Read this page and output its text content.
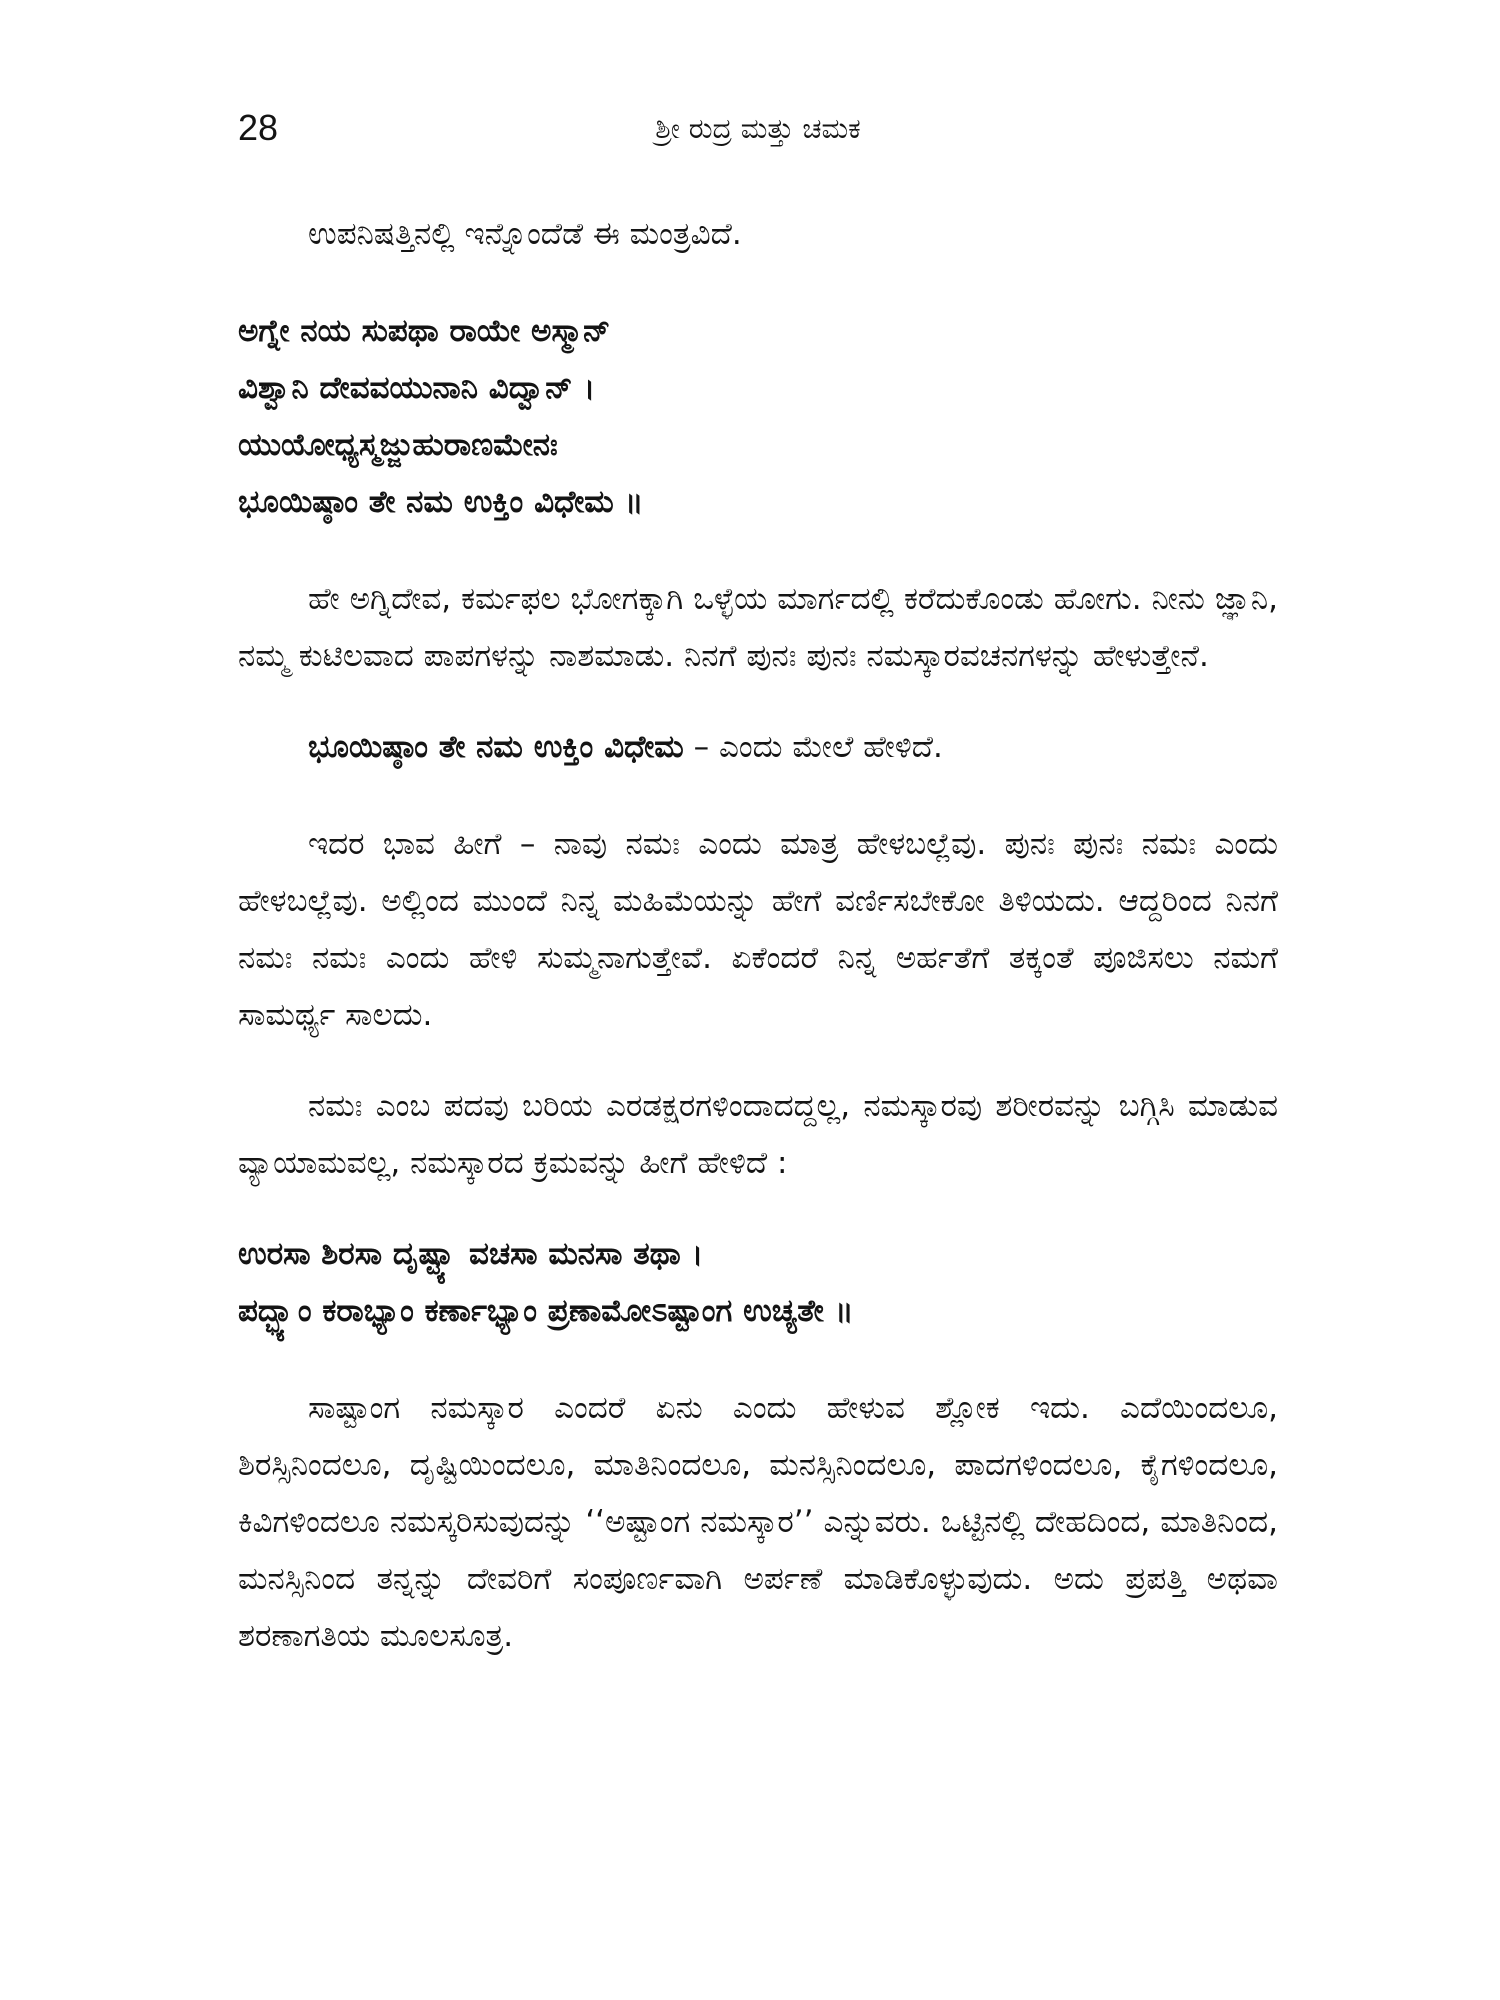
28	ಶ್ರೀ ರುದ್ರ ಮತ್ತು ಚಮಕ

ಉಪನಿಷತ್ತಿನಲ್ಲಿ ಇನ್ನೊಂದೆಡೆ ಈ ಮಂತ್ರವಿದೆ.

ಅಗ್ನೇ ನಯ ಸುಪಥಾ ರಾಯೇ ಅಸ್ಮಾನ್
ವಿಶ್ವಾನಿ ದೇವವಯುನಾನಿ ವಿದ್ವಾನ್ ।
ಯುಯೋಧ್ಯಸ್ಮಜ್ಜುಹುರಾಣಮೇನಃ
ಭೂಯಿಷ್ಠಾಂ ತೇ ನಮ ಉಕ್ತಿಂ ವಿಧೇಮ ॥

ಹೇ ಅಗ್ನಿದೇವ, ಕರ್ಮಫಲ ಭೋಗಕ್ಕಾಗಿ ಒಳ್ಳೆಯ ಮಾರ್ಗದಲ್ಲಿ ಕರೆದುಕೊಂಡು ಹೋಗು. ನೀನು ಜ್ಞಾನಿ, ನಮ್ಮ ಕುಟಿಲವಾದ ಪಾಪಗಳನ್ನು ನಾಶಮಾಡು. ನಿನಗೆ ಪುನಃ ಪುನಃ ನಮಸ್ಕಾರವಚನಗಳನ್ನು ಹೇಳುತ್ತೇನೆ.

ಭೂಯಿಷ್ಠಾಂ ತೇ ನಮ ಉಕ್ತಿಂ ವಿಧೇಮ – ಎಂದು ಮೇಲೆ ಹೇಳಿದೆ.

ಇದರ ಭಾವ ಹೀಗೆ – ನಾವು ನಮಃ ಎಂದು ಮಾತ್ರ ಹೇಳಬಲ್ಲೆವು. ಪುನಃ ಪುನಃ ನಮಃ ಎಂದು ಹೇಳಬಲ್ಲೆವು. ಅಲ್ಲಿಂದ ಮುಂದೆ ನಿನ್ನ ಮಹಿಮೆಯನ್ನು ಹೇಗೆ ವರ್ಣಿಸಬೇಕೋ ತಿಳಿಯದು. ಆದ್ದರಿಂದ ನಿನಗೆ ನಮಃ ನಮಃ ಎಂದು ಹೇಳಿ ಸುಮ್ಮನಾಗುತ್ತೇವೆ. ಏಕೆಂದರೆ ನಿನ್ನ ಅರ್ಹತೆಗೆ ತಕ್ಕಂತೆ ಪೂಜಿಸಲು ನಮಗೆ ಸಾಮರ್ಥ್ಯ ಸಾಲದು.

ನಮಃ ಎಂಬ ಪದವು ಬರಿಯ ಎರಡಕ್ಷರಗಳಿಂದಾದದ್ದಲ್ಲ, ನಮಸ್ಕಾರವು ಶರೀರವನ್ನು ಬಗ್ಗಿಸಿ ಮಾಡುವ ವ್ಯಾಯಾಮವಲ್ಲ, ನಮಸ್ಕಾರದ ಕ್ರಮವನ್ನು ಹೀಗೆ ಹೇಳಿದೆ :

ಉರಸಾ ಶಿರಸಾ ದೃಷ್ಟ್ಯಾ ವಚಸಾ ಮನಸಾ ತಥಾ ।
ಪದ್ಭ್ಯಾಂ ಕರಾಭ್ಯಾಂ ಕರ್ಣಾಭ್ಯಾಂ ಪ್ರಣಾಮೋಽಷ್ಟಾಂಗ ಉಚ್ಯತೇ ॥

ಸಾಷ್ಟಾಂಗ ನಮಸ್ಕಾರ ಎಂದರೆ ಏನು ಎಂದು ಹೇಳುವ ಶ್ಲೋಕ ಇದು. ಎದೆಯಿಂದಲೂ, ಶಿರಸ್ಸಿನಿಂದಲೂ, ದೃಷ್ಟಿಯಿಂದಲೂ, ಮಾತಿನಿಂದಲೂ, ಮನಸ್ಸಿನಿಂದಲೂ, ಪಾದಗಳಿಂದಲೂ, ಕೈಗಳಿಂದಲೂ, ಕಿವಿಗಳಿಂದಲೂ ನಮಸ್ಕರಿಸುವುದನ್ನು ‘‘ಅಷ್ಟಾಂಗ ನಮಸ್ಕಾರ’’ ಎನ್ನುವರು. ಒಟ್ಟಿನಲ್ಲಿ ದೇಹದಿಂದ, ಮಾತಿನಿಂದ, ಮನಸ್ಸಿನಿಂದ ತನ್ನನ್ನು ದೇವರಿಗೆ ಸಂಪೂರ್ಣವಾಗಿ ಅರ್ಪಣೆ ಮಾಡಿಕೊಳ್ಳುವುದು. ಅದು ಪ್ರಪತ್ತಿ ಅಥವಾ ಶರಣಾಗತಿಯ ಮೂಲಸೂತ್ರ.
